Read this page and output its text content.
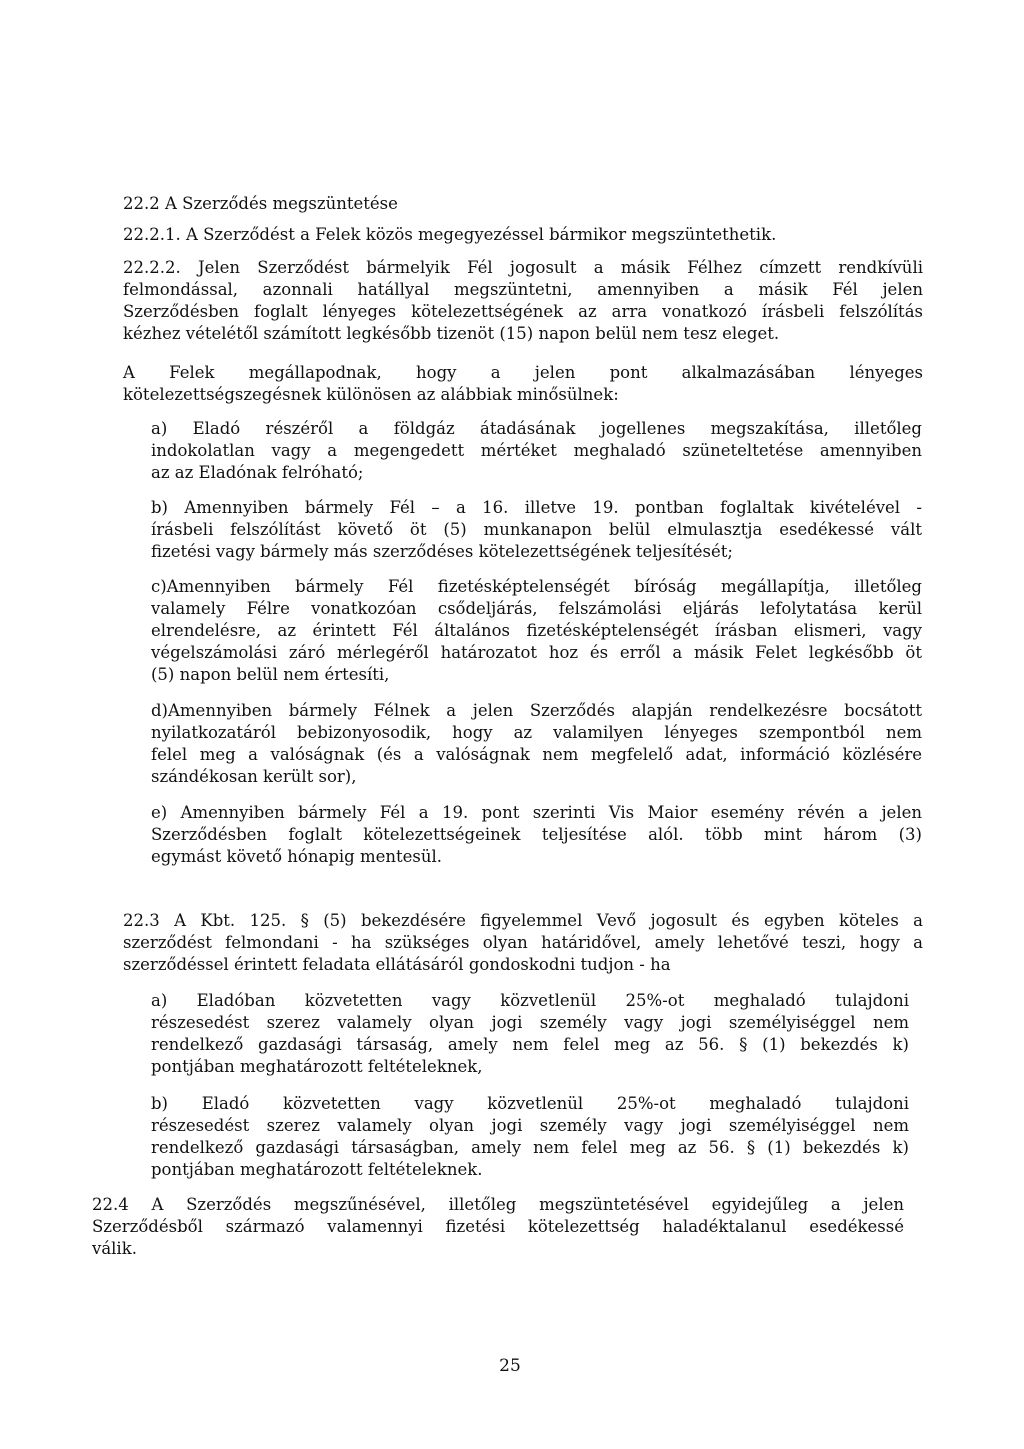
22.2 A Szerződés megszüntetése
22.2.1. A Szerződést a Felek közös megegyezéssel bármikor megszüntethetik.
22.2.2. Jelen Szerződést bármelyik Fél jogosult a másik Félhez címzett rendkívüli
felmondással, azonnali hatállyal megszüntetni, amennyiben a másik Fél jelen
Szerződésben foglalt lényeges kötelezettségének az arra vonatkozó írásbeli felszólítás
kézhez vételétől számított legkésőbb tizenöt (15) napon belül nem tesz eleget.
A Felek megállapodnak, hogy a jelen pont alkalmazásában lényeges
kötelezettségszegésnek különösen az alábbiak minősülnek:
a) Eladó részéről a földgáz átadásának jogellenes megszakítása, illetőleg
indokolatlan vagy a megengedett mértéket meghaladó szüneteltetése amennyiben
az az Eladónak felróható;
b) Amennyiben bármely Fél – a 16. illetve 19. pontban foglaltak kivételével -
írásbeli felszólítást követő öt (5) munkanapon belül elmulasztja esedékessé vált
fizetési vagy bármely más szerződéses kötelezettségének teljesítését;
c)Amennyiben bármely Fél fizetésképtelenségét bíróság megállapítja, illetőleg
valamely Félre vonatkozóan csődeljárás, felszámolási eljárás lefolytatása kerül
elrendelésre, az érintett Fél általános fizetésképtelenségét írásban elismeri, vagy
végelszámolási záró mérlegéről határozatot hoz és erről a másik Felet legkésőbb öt
(5) napon belül nem értesíti,
d)Amennyiben bármely Félnek a jelen Szerződés alapján rendelkezésre bocsátott
nyilatkozatáról bebizonyosodik, hogy az valamilyen lényeges szempontból nem
felel meg a valóságnak (és a valóságnak nem megfelelő adat, információ közlésére
szándékosan került sor),
e) Amennyiben bármely Fél a 19. pont szerinti Vis Maior esemény révén a jelen
Szerződésben foglalt kötelezettségeinek teljesítése alól. több mint három (3)
egymást követő hónapig mentesül.
22.3 A Kbt. 125. § (5) bekezdésére figyelemmel Vevő jogosult és egyben köteles a
szerződést felmondani - ha szükséges olyan határidővel, amely lehetővé teszi, hogy a
szerződéssel érintett feladata ellátásáról gondoskodni tudjon - ha
a) Eladóban közvetetten vagy közvetlenül 25%-ot meghaladó tulajdoni
részesedést szerez valamely olyan jogi személy vagy jogi személyiséggel nem
rendelkező gazdasági társaság, amely nem felel meg az 56. § (1) bekezdés k)
pontjában meghatározott feltételeknek,
b) Eladó közvetetten vagy közvetlenül 25%-ot meghaladó tulajdoni
részesedést szerez valamely olyan jogi személy vagy jogi személyiséggel nem
rendelkező gazdasági társaságban, amely nem felel meg az 56. § (1) bekezdés k)
pontjában meghatározott feltételeknek.
22.4 A Szerződés megszűnésével, illetőleg megszüntetésével egyidejűleg a jelen
Szerződésből származó valamennyi fizetési kötelezettség haladéktalanul esedékessé
válik.
25
